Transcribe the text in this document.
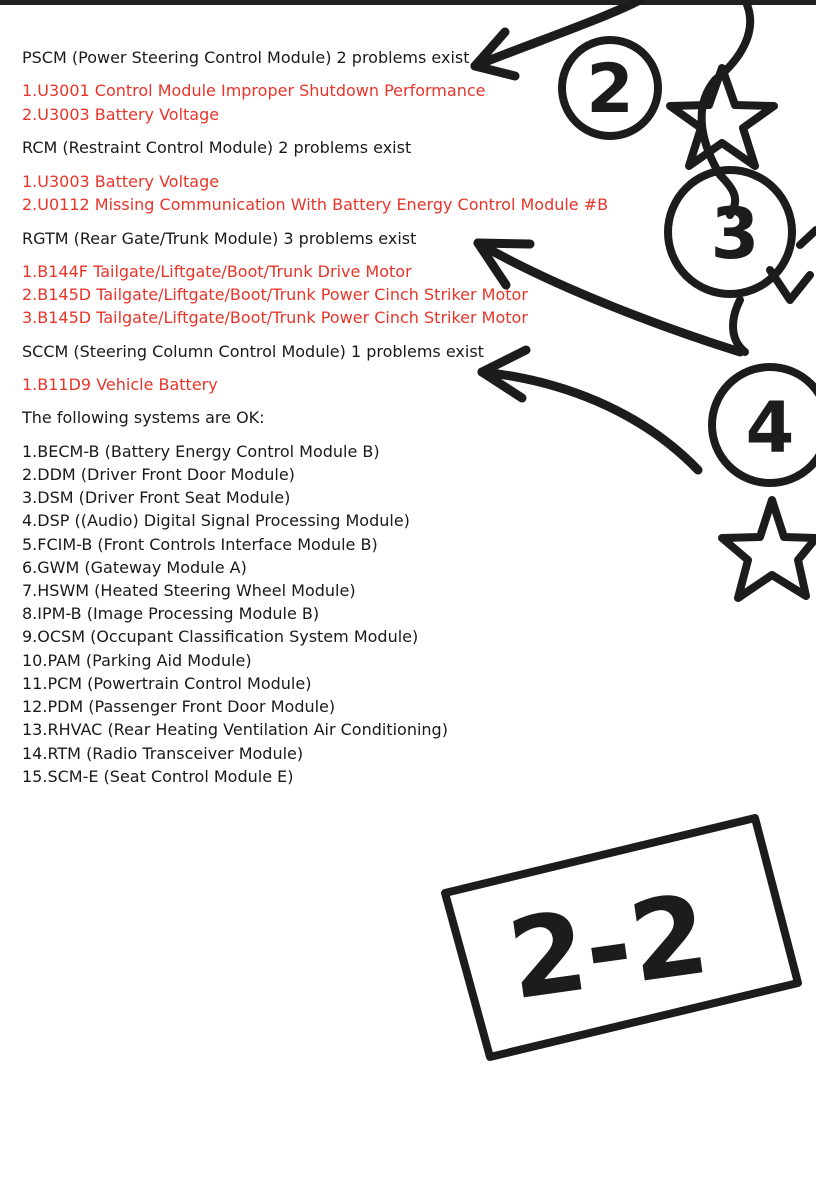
PSCM (Power Steering Control Module) 2 problems exist
1.U3001 Control Module Improper Shutdown Performance
2.U3003 Battery Voltage
RCM (Restraint Control Module) 2 problems exist
1.U3003 Battery Voltage
2.U0112 Missing Communication With Battery Energy Control Module #B
RGTM (Rear Gate/Trunk Module) 3 problems exist
1.B144F Tailgate/Liftgate/Boot/Trunk Drive Motor
2.B145D Tailgate/Liftgate/Boot/Trunk Power Cinch Striker Motor
3.B145D Tailgate/Liftgate/Boot/Trunk Power Cinch Striker Motor
SCCM (Steering Column Control Module) 1 problems exist
1.B11D9 Vehicle Battery
The following systems are OK:
1.BECM-B (Battery Energy Control Module B)
2.DDM (Driver Front Door Module)
3.DSM (Driver Front Seat Module)
4.DSP ((Audio) Digital Signal Processing Module)
5.FCIM-B (Front Controls Interface Module B)
6.GWM (Gateway Module A)
7.HSWM (Heated Steering Wheel Module)
8.IPM-B (Image Processing Module B)
9.OCSM (Occupant Classification System Module)
10.PAM (Parking Aid Module)
11.PCM (Powertrain Control Module)
12.PDM (Passenger Front Door Module)
13.RHVAC (Rear Heating Ventilation Air Conditioning)
14.RTM (Radio Transceiver Module)
15.SCM-E (Seat Control Module E)
2
3
4
2-2
